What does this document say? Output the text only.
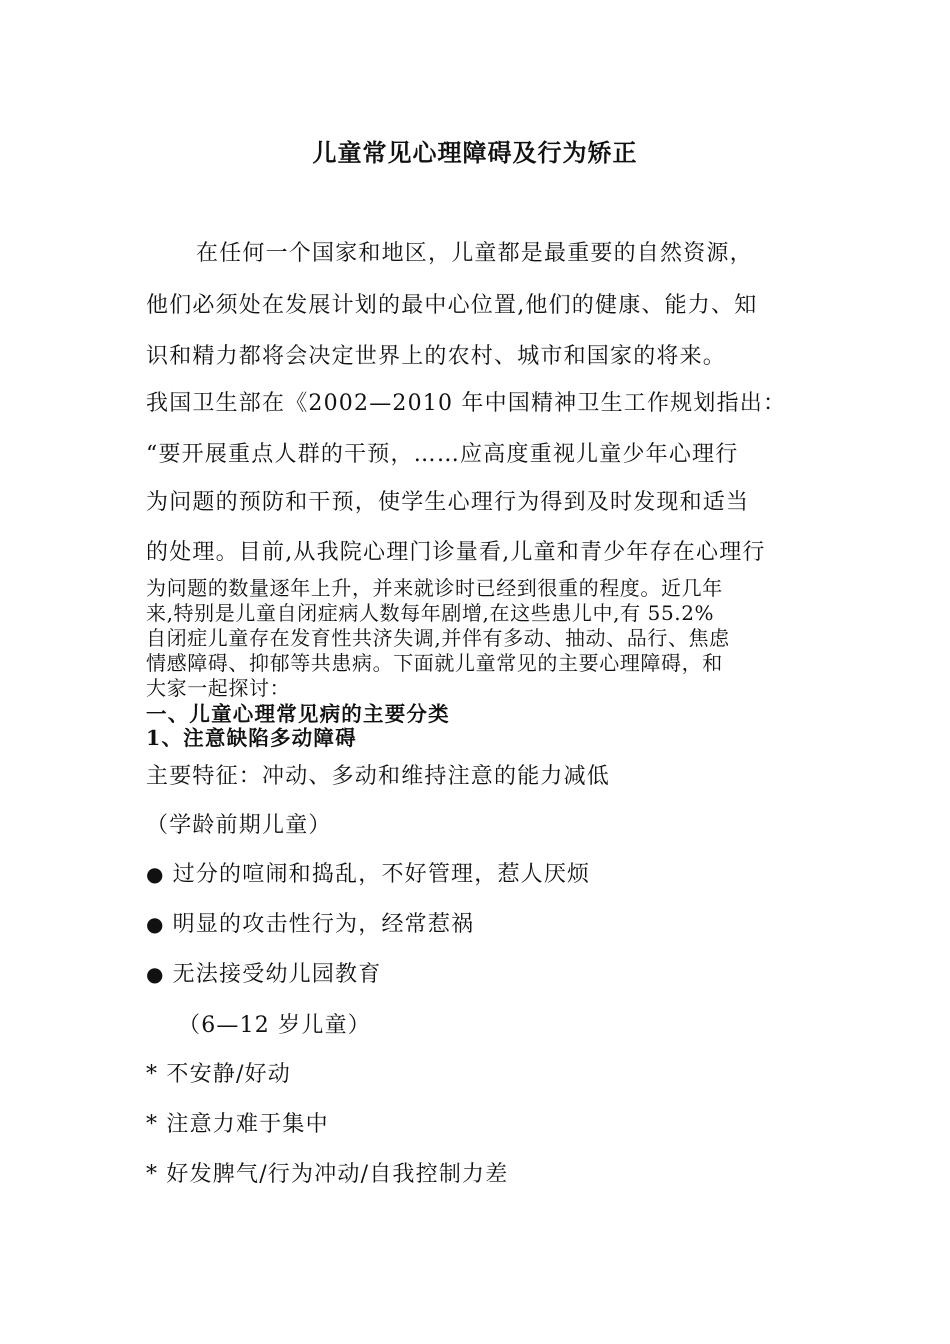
儿童常见心理障碍及行为矫正
在任何一个国家和地区，儿童都是最重要的自然资源，
他们必须处在发展计划的最中心位置,他们的健康、能力、知
识和精力都将会决定世界上的农村、城市和国家的将来。
我国卫生部在《2002—2010 年中国精神卫生工作规划指出：
“要开展重点人群的干预，……应高度重视儿童少年心理行
为问题的预防和干预，使学生心理行为得到及时发现和适当
的处理。目前,从我院心理门诊量看,儿童和青少年存在心理行
为问题的数量逐年上升，并来就诊时已经到很重的程度。近几年
来,特别是儿童自闭症病人数每年剧增,在这些患儿中,有 55.2%
自闭症儿童存在发育性共济失调,并伴有多动、抽动、品行、焦虑
情感障碍、抑郁等共患病。下面就儿童常见的主要心理障碍，和
大家一起探讨：
一、儿童心理常见病的主要分类
1、注意缺陷多动障碍
主要特征：冲动、多动和维持注意的能力减低
（学龄前期儿童）
● 过分的喧闹和捣乱，不好管理，惹人厌烦
● 明显的攻击性行为，经常惹祸
● 无法接受幼儿园教育
（6—12 岁儿童）
* 不安静/好动
* 注意力难于集中
* 好发脾气/行为冲动/自我控制力差
